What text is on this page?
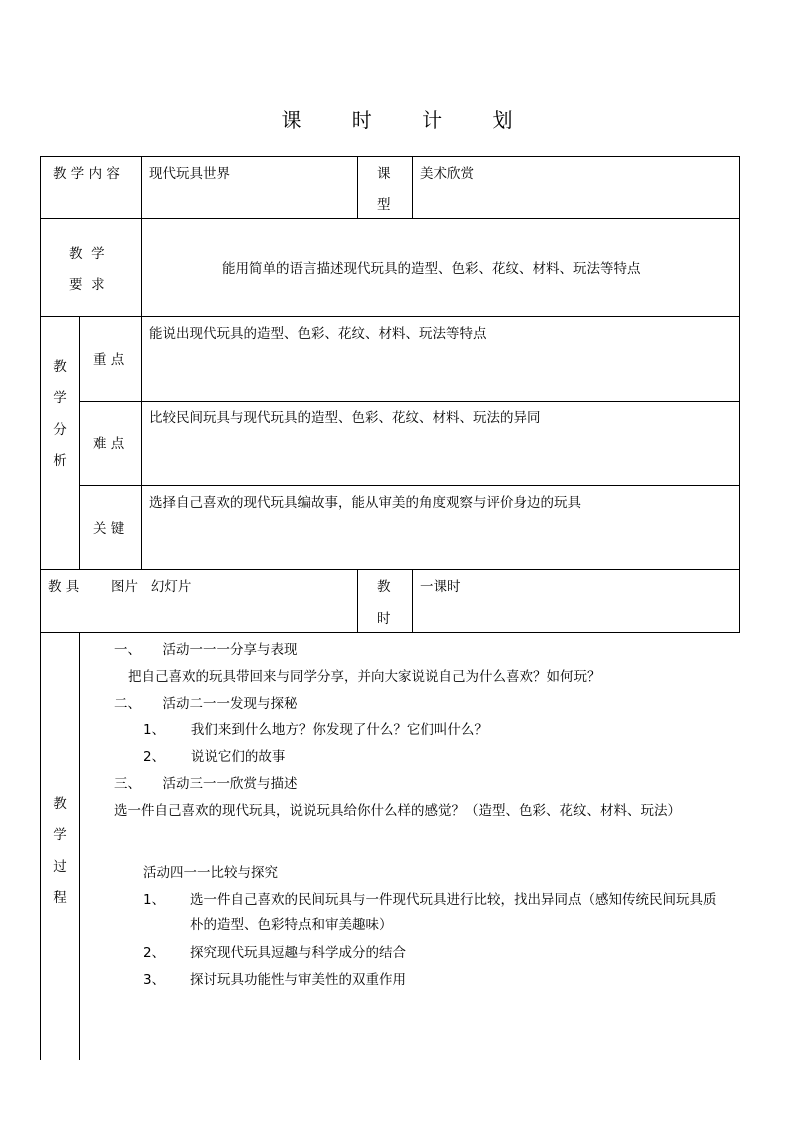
课 时 计 划
教 学 内 容 现代玩具世界	课
型
美术欣赏
教  学
要  求
能用简单的语言描述现代玩具的造型、色彩、花纹、材料、玩法等特点
教
学
分
析
重 点
能说出现代玩具的造型、色彩、花纹、材料、玩法等特点
难 点
比较民间玩具与现代玩具的造型、色彩、花纹、材料、玩法的异同
关 键
选择自己喜欢的现代玩具编故事，能从审美的角度观察与评价身边的玩具
教 具 图片   幻灯片	教
时
一课时
教
学
过
程
一、     活动一一一分享与表现
把自己喜欢的玩具带回来与同学分享，并向大家说说自己为什么喜欢？如何玩？
二、     活动二一一发现与探秘
1、      我们来到什么地方？你发现了什么？它们叫什么？
2、      说说它们的故事
三、     活动三一一欣赏与描述
选一件自己喜欢的现代玩具，说说玩具给你什么样的感觉？（造型、色彩、花纹、材料、玩法）
活动四一一比较与探究
1、 选一件自己喜欢的民间玩具与一件现代玩具进行比较，找出异同点（感知传统民间玩具质
朴的造型、色彩特点和审美趣味）
2、 探究现代玩具逗趣与科学成分的结合
3、 探讨玩具功能性与审美性的双重作用
